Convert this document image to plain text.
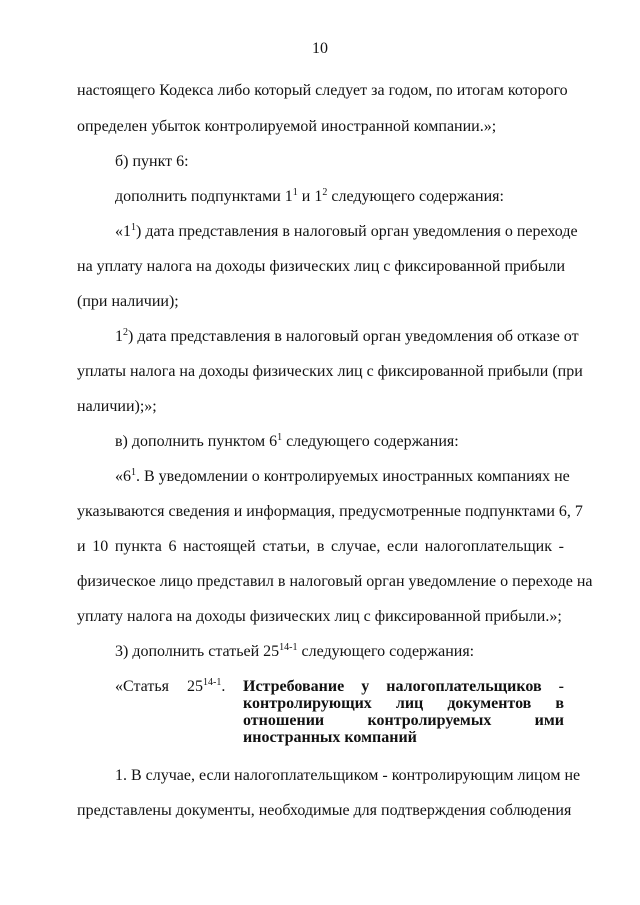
10
настоящего Кодекса либо который следует за годом, по итогам которого
определен убыток контролируемой иностранной компании.»;
б) пункт 6:
дополнить подпунктами $1^1$ и $1^2$ следующего содержания:
«$1^1$) дата представления в налоговый орган уведомления о переходе
на уплату налога на доходы физических лиц с фиксированной прибыли
(при наличии);
$1^2$) дата представления в налоговый орган уведомления об отказе от
уплаты налога на доходы физических лиц с фиксированной прибыли (при
наличии);»;
в) дополнить пунктом $6^1$ следующего содержания:
«$6^1$. В уведомлении о контролируемых иностранных компаниях не
указываются сведения и информация, предусмотренные подпунктами 6, 7
и 10 пункта 6 настоящей статьи, в случае, если налогоплательщик -
физическое лицо представил в налоговый орган уведомление о переходе на
уплату налога на доходы физических лиц с фиксированной прибыли.»;
3) дополнить статьей 25$^{14-1}$ следующего содержания:
«Статья 25$^{14-1}$. Истребование у налогоплательщиков -
контролирующих лиц документов в
отношении контролируемых ими
иностранных компаний
1. В случае, если налогоплательщиком - контролирующим лицом не
представлены документы, необходимые для подтверждения соблюдения
